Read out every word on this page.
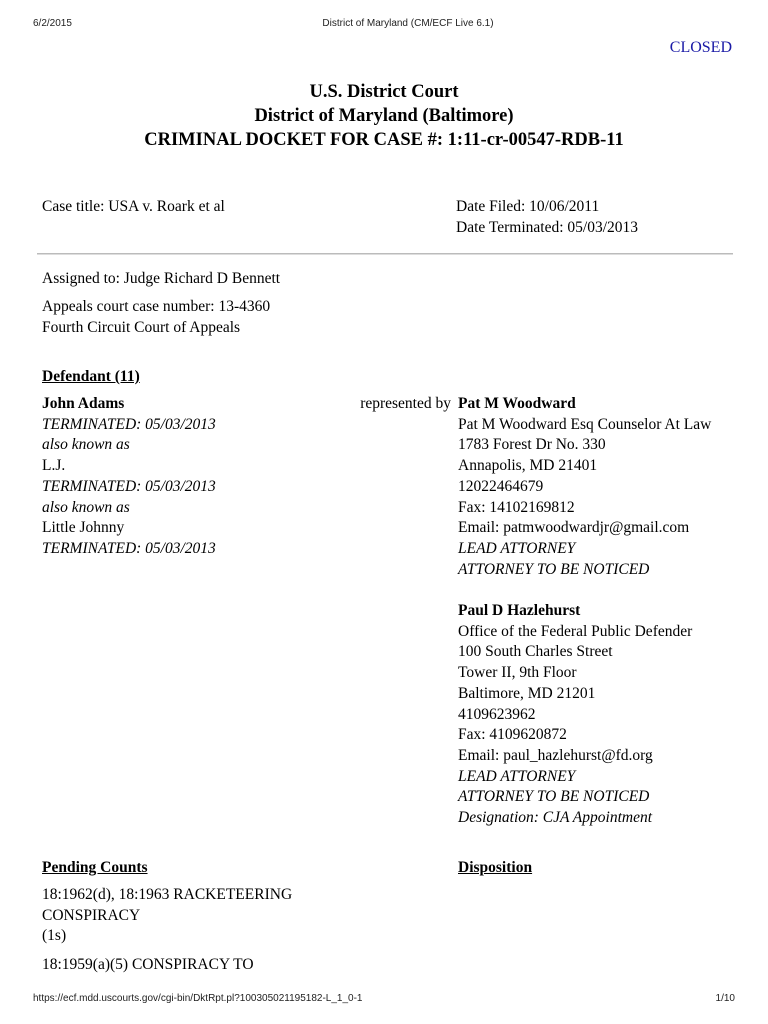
6/2/2015	District of Maryland (CM/ECF Live 6.1)
CLOSED
U.S. District Court
District of Maryland (Baltimore)
CRIMINAL DOCKET FOR CASE #: 1:11-cr-00547-RDB-11
Case title: USA v. Roark et al	Date Filed: 10/06/2011
Date Terminated: 05/03/2013
Assigned to: Judge Richard D Bennett
Appeals court case number: 13-4360
Fourth Circuit Court of Appeals
Defendant (11)
John Adams
TERMINATED: 05/03/2013
also known as
L.J.
TERMINATED: 05/03/2013
also known as
Little Johnny
TERMINATED: 05/03/2013
represented by Pat M Woodward
Pat M Woodward Esq Counselor At Law
1783 Forest Dr No. 330
Annapolis, MD 21401
12022464679
Fax: 14102169812
Email: patmwoodwardjr@gmail.com
LEAD ATTORNEY
ATTORNEY TO BE NOTICED
Paul D Hazlehurst
Office of the Federal Public Defender
100 South Charles Street
Tower II, 9th Floor
Baltimore, MD 21201
4109623962
Fax: 4109620872
Email: paul_hazlehurst@fd.org
LEAD ATTORNEY
ATTORNEY TO BE NOTICED
Designation: CJA Appointment
Pending Counts	Disposition
18:1962(d), 18:1963 RACKETEERING
CONSPIRACY
(1s)
18:1959(a)(5) CONSPIRACY TO
https://ecf.mdd.uscourts.gov/cgi-bin/DktRpt.pl?100305021195182-L_1_0-1	1/10
